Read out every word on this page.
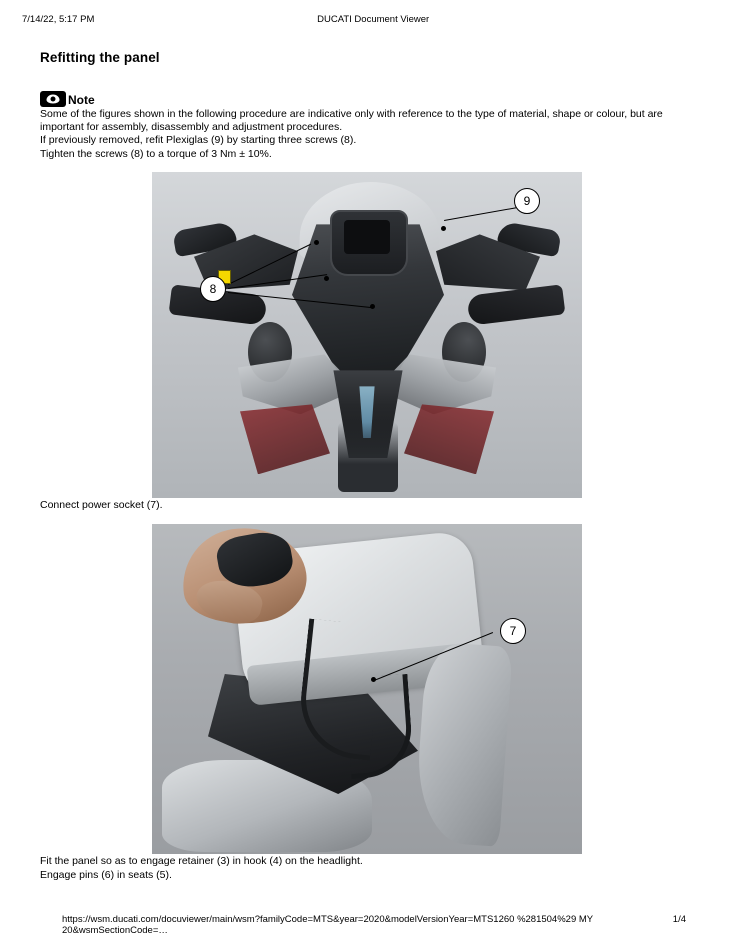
7/14/22, 5:17 PM	DUCATI Document Viewer
Refitting the panel
Note

Some of the figures shown in the following procedure are indicative only with reference to the type of material, shape or colour, but are important for assembly, disassembly and adjustment procedures.

If previously removed, refit Plexiglas (9) by starting three screws (8).

Tighten the screws (8) to a torque of 3 Nm ± 10%.

9
8

Connect power socket (7).

7

Fit the panel so as to engage retainer (3) in hook (4) on the headlight.

Engage pins (6) in seats (5).

https://wsm.ducati.com/docuviewer/main/wsm?familyCode=MTS&year=2020&modelVersionYear=MTS1260 %281504%29 MY 20&wsmSectionCode=…
1/4
